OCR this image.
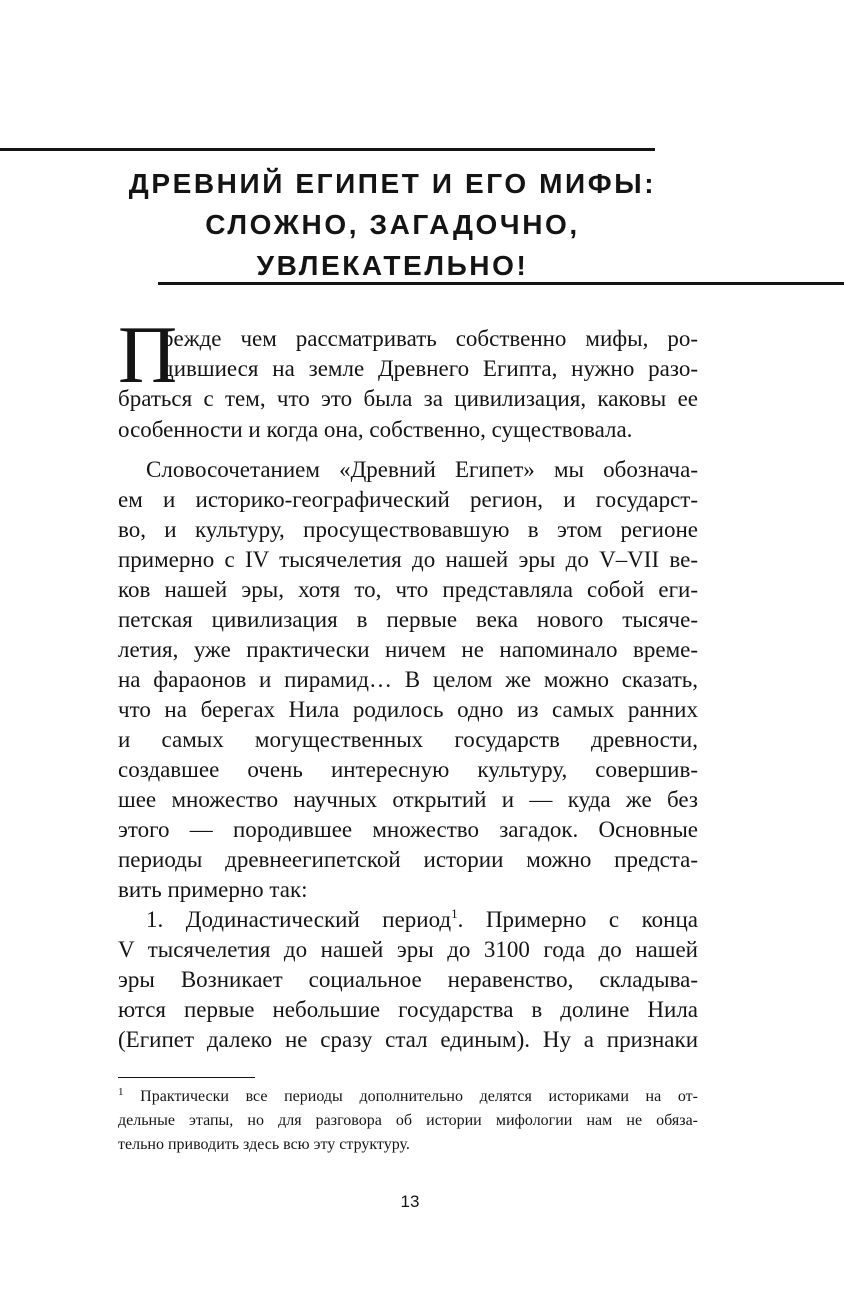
ДРЕВНИЙ ЕГИПЕТ И ЕГО МИФЫ:
СЛОЖНО, ЗАГАДОЧНО,
УВЛЕКАТЕЛЬНО!
П
режде чем рассматривать собственно мифы, ро-
дившиеся на земле Древнего Египта, нужно разо-
браться с тем, что это была за цивилизация, каковы ее
особенности и когда она, собственно, существовала.
Словосочетанием «Древний Египет» мы обознача-
ем и историко-географический регион, и государст-
во, и культуру, просуществовавшую в этом регионе
примерно с IV тысячелетия до нашей эры до V–VII ве-
ков нашей эры, хотя то, что представляла собой еги-
петская цивилизация в первые века нового тысяче-
летия, уже практически ничем не напоминало време-
на фараонов и пирамид… В целом же можно сказать,
что на берегах Нила родилось одно из самых ранних
и самых могущественных государств древности,
создавшее очень интересную культуру, совершив-
шее множество научных открытий и — куда же без
этого — породившее множество загадок. Основные
периоды древнеегипетской истории можно предста-
вить примерно так:
1. Додинастический период$^1$. Примерно с конца
V тысячелетия до нашей эры до 3100 года до нашей
эры Возникает социальное неравенство, складыва-
ются первые небольшие государства в долине Нила
(Египет далеко не сразу стал единым). Ну а признаки
$^1$ Практически все периоды дополнительно делятся историками на от-
дельные этапы, но для разговора об истории мифологии нам не обяза-
тельно приводить здесь всю эту структуру.
13
